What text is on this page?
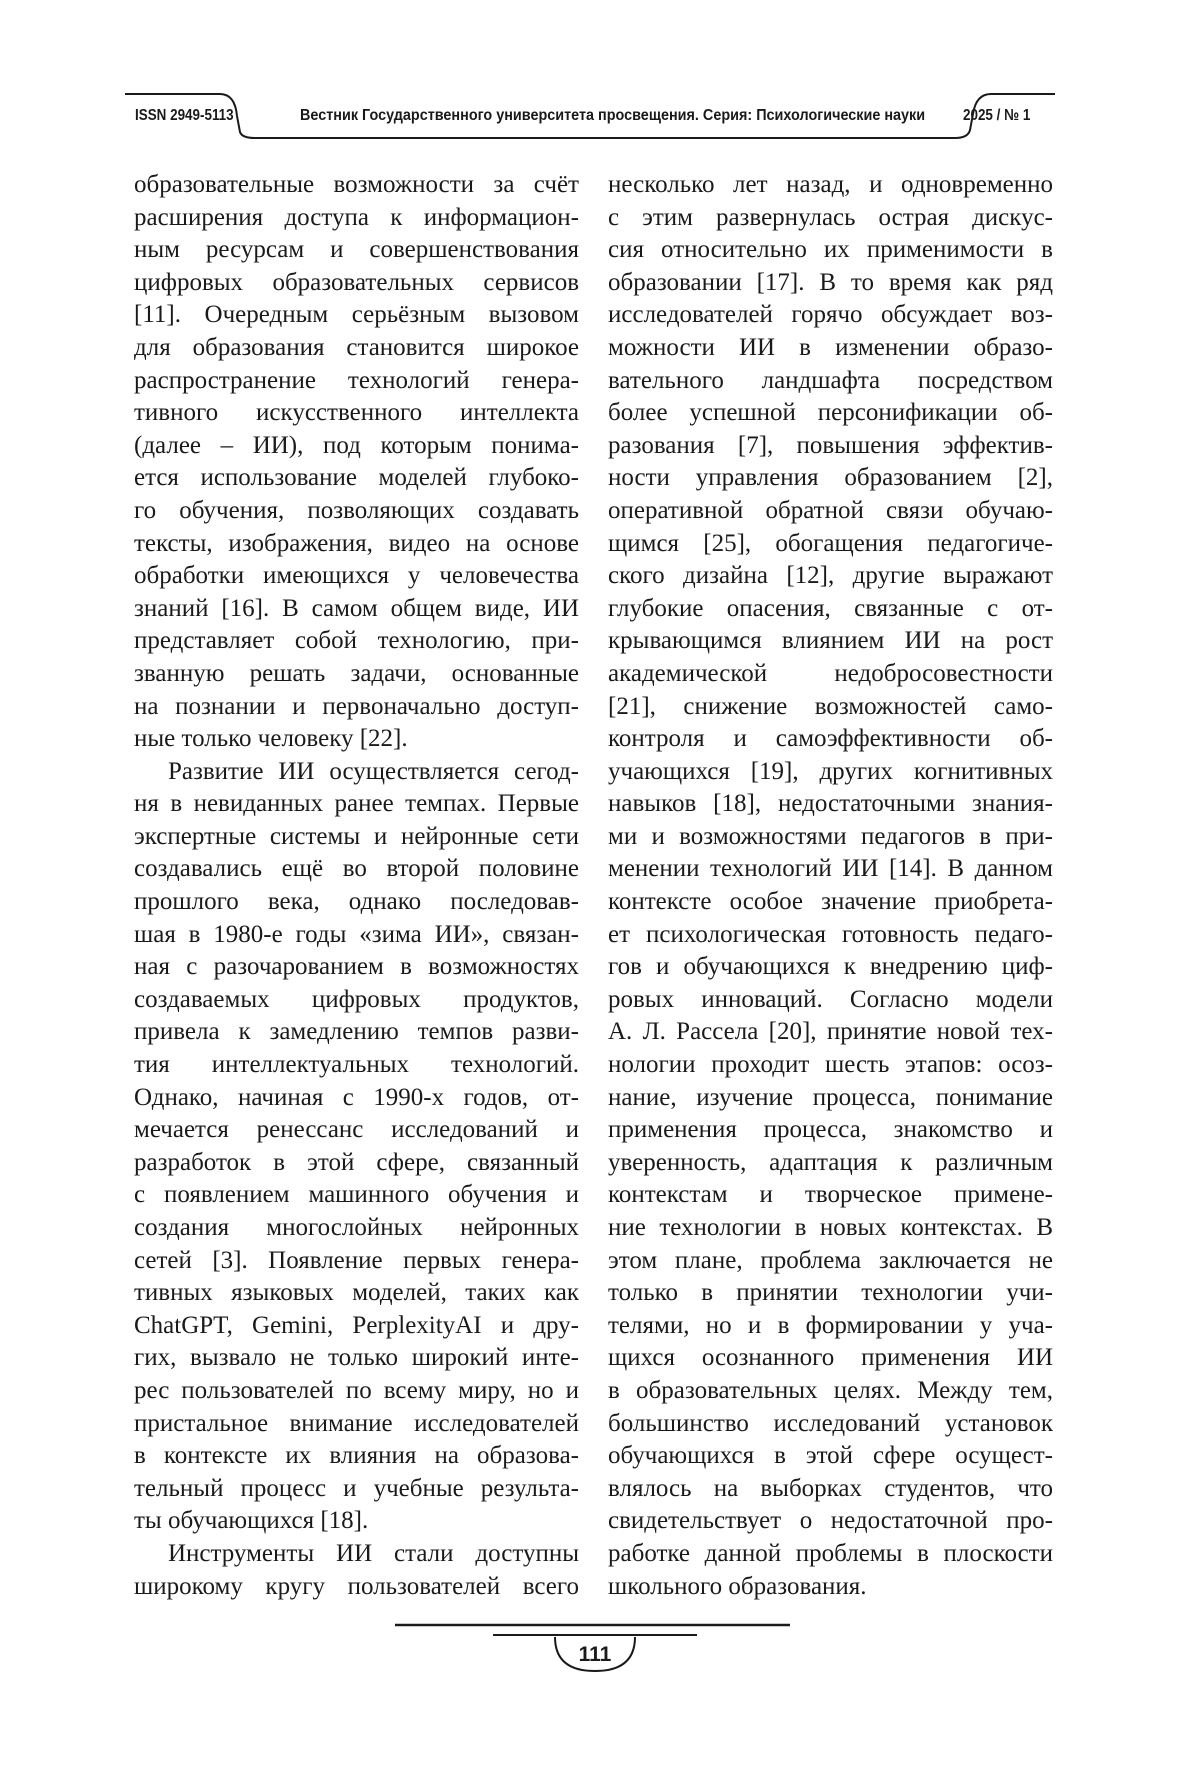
ISSN 2949-5113	Вестник Государственного университета просвещения. Серия: Психологические науки 2025 / № 1
образовательные возможности за счёт
расширения доступа к информацион-
ным ресурсам и совершенствования
цифровых образовательных сервисов
[11]. Очередным серьёзным вызовом
для образования становится широкое
распространение технологий генера-
тивного искусственного интеллекта
(далее – ИИ), под которым понима-
ется использование моделей глубоко-
го обучения, позволяющих создавать
тексты, изображения, видео на основе
обработки имеющихся у человечества
знаний [16]. В самом общем виде, ИИ
представляет собой технологию, при-
званную решать задачи, основанные
на познании и первоначально доступ-
ные только человеку [22].
Развитие ИИ осуществляется сегод-
ня в невиданных ранее темпах. Первые
экспертные системы и нейронные сети
создавались ещё во второй половине
прошлого века, однако последовав-
шая в 1980-е годы «зима ИИ», связан-
ная с разочарованием в возможностях
создаваемых цифровых продуктов,
привела к замедлению темпов разви-
тия интеллектуальных технологий.
Однако, начиная с 1990-х годов, от-
мечается ренессанс исследований и
разработок в этой сфере, связанный
с появлением машинного обучения и
создания многослойных нейронных
сетей [3]. Появление первых генера-
тивных языковых моделей, таких как
ChatGPT, Gemini, PerplexityAI и дру-
гих, вызвало не только широкий инте-
рес пользователей по всему миру, но и
пристальное внимание исследователей
в контексте их влияния на образова-
тельный процесс и учебные результа-
ты обучающихся [18].
Инструменты ИИ стали доступны
широкому кругу пользователей всего
несколько лет назад, и одновременно
с этим развернулась острая дискус-
сия относительно их применимости в
образовании [17]. В то время как ряд
исследователей горячо обсуждает воз-
можности ИИ в изменении образо-
вательного ландшафта посредством
более успешной персонификации об-
разования [7], повышения эффектив-
ности управления образованием [2],
оперативной обратной связи обучаю-
щимся [25], обогащения педагогиче-
ского дизайна [12], другие выражают
глубокие опасения, связанные с от-
крывающимся влиянием ИИ на рост
академической недобросовестности
[21], снижение возможностей само-
контроля и самоэффективности об-
учающихся [19], других когнитивных
навыков [18], недостаточными знания-
ми и возможностями педагогов в при-
менении технологий ИИ [14]. В данном
контексте особое значение приобрета-
ет психологическая готовность педаго-
гов и обучающихся к внедрению циф-
ровых инноваций. Согласно модели
А. Л. Рассела [20], принятие новой тех-
нологии проходит шесть этапов: осоз-
нание, изучение процесса, понимание
применения процесса, знакомство и
уверенность, адаптация к различным
контекстам и творческое примене-
ние технологии в новых контекстах. В
этом плане, проблема заключается не
только в принятии технологии учи-
телями, но и в формировании у уча-
щихся осознанного применения ИИ
в образовательных целях. Между тем,
большинство исследований установок
обучающихся в этой сфере осущест-
влялось на выборках студентов, что
свидетельствует о недостаточной про-
работке данной проблемы в плоскости
школьного образования.
111
